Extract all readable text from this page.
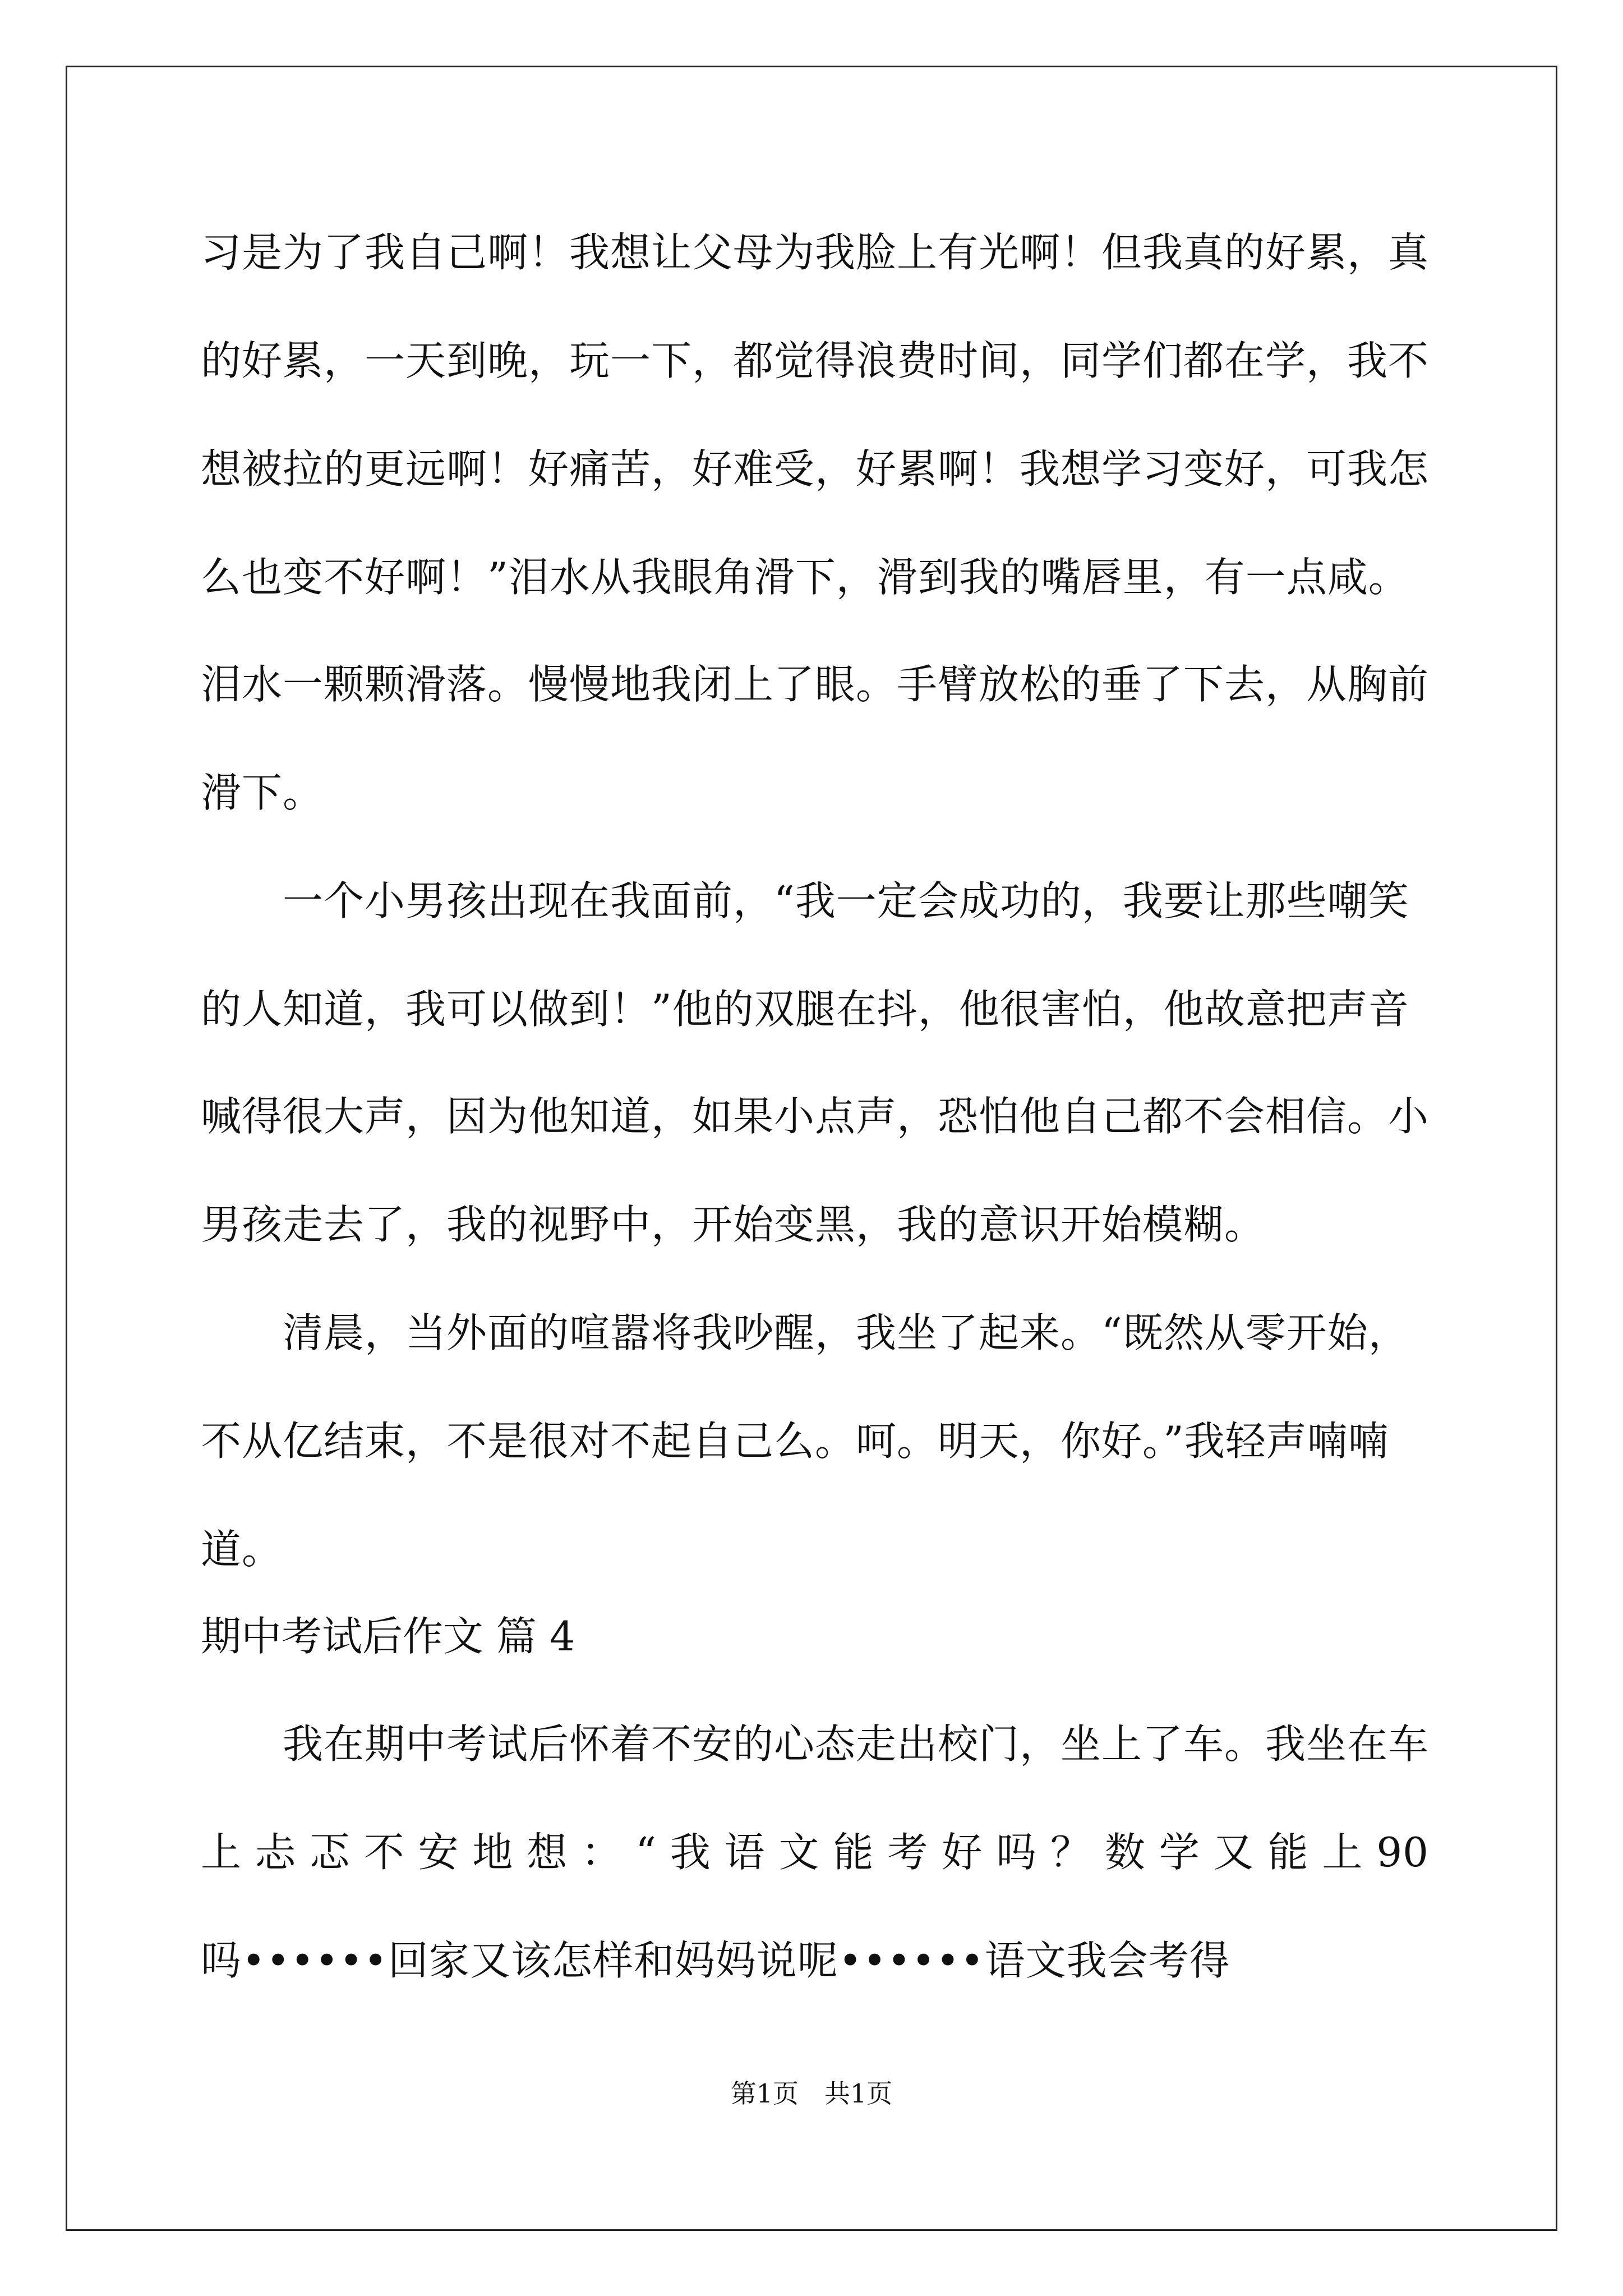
习是为了我自己啊！我想让父母为我脸上有光啊！但我真的好累，真
的好累，一天到晚，玩一下，都觉得浪费时间，同学们都在学，我不
想被拉的更远啊！好痛苦，好难受，好累啊！我想学习变好，可我怎
么也变不好啊！”泪水从我眼角滑下，滑到我的嘴唇里，有一点咸。
泪水一颗颗滑落。慢慢地我闭上了眼。手臂放松的垂了下去，从胸前
滑下。
　　一个小男孩出现在我面前，“我一定会成功的，我要让那些嘲笑
的人知道，我可以做到！”他的双腿在抖，他很害怕，他故意把声音
喊得很大声，因为他知道，如果小点声，恐怕他自己都不会相信。小
男孩走去了，我的视野中，开始变黑，我的意识开始模糊。
　　清晨，当外面的喧嚣将我吵醒，我坐了起来。“既然从零开始，
不从亿结束，不是很对不起自己么。呵。明天，你好。”我轻声喃喃
道。
期中考试后作文 篇 4
　　我在期中考试后怀着不安的心态走出校门，坐上了车。我坐在车
上 忐 忑 不 安 地 想 ： “ 我 语 文 能 考 好 吗 ？ 数 学 又 能 上 90
吗••••••回家又该怎样和妈妈说呢••••••语文我会考得
第1页　共1页
